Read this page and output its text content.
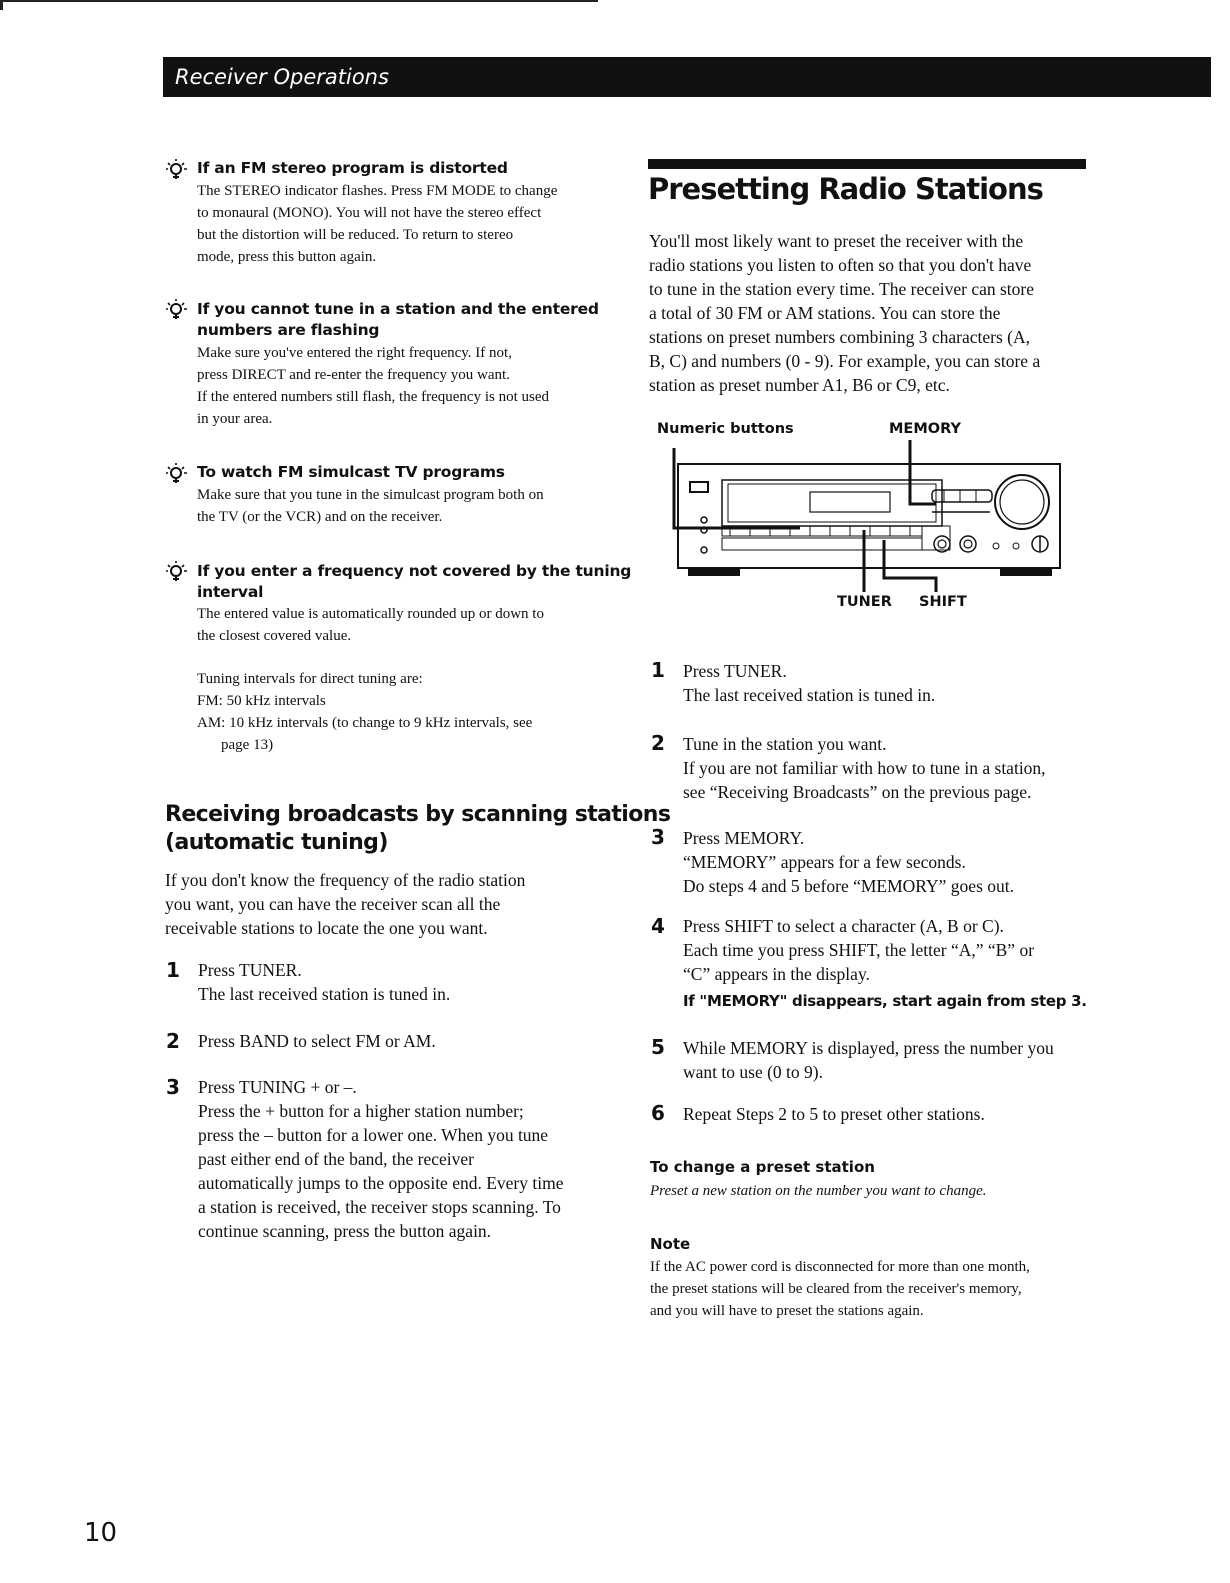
Receiver Operations
If an FM stereo program is distorted
The STEREO indicator flashes. Press FM MODE to change
to monaural (MONO). You will not have the stereo effect
but the distortion will be reduced. To return to stereo
mode, press this button again.
If you cannot tune in a station and the entered
numbers are flashing
Make sure you've entered the right frequency. If not,
press DIRECT and re-enter the frequency you want.
If the entered numbers still flash, the frequency is not used
in your area.
To watch FM simulcast TV programs
Make sure that you tune in the simulcast program both on
the TV (or the VCR) and on the receiver.
If you enter a frequency not covered by the tuning
interval
The entered value is automatically rounded up or down to
the closest covered value.
Tuning intervals for direct tuning are:
FM: 50 kHz intervals
AM: 10 kHz intervals (to change to 9 kHz intervals, see
page 13)
Receiving broadcasts by scanning stations
(automatic tuning)
If you don't know the frequency of the radio station
you want, you can have the receiver scan all the
receivable stations to locate the one you want.
1	Press TUNER.
The last received station is tuned in.
2	Press BAND to select FM or AM.
3	Press TUNING + or –.
Press the + button for a higher station number;
press the – button for a lower one. When you tune
past either end of the band, the receiver
automatically jumps to the opposite end. Every time
a station is received, the receiver stops scanning. To
continue scanning, press the button again.
Presetting Radio Stations
You'll most likely want to preset the receiver with the
radio stations you listen to often so that you don't have
to tune in the station every time. The receiver can store
a total of 30 FM or AM stations. You can store the
stations on preset numbers combining 3 characters (A,
B, C) and numbers (0 - 9). For example, you can store a
station as preset number A1, B6 or C9, etc.
Numeric buttons	MEMORY
TUNER SHIFT
1	Press TUNER.
The last received station is tuned in.
2	Tune in the station you want.
If you are not familiar with how to tune in a station,
see “Receiving Broadcasts” on the previous page.
3	Press MEMORY.
“MEMORY” appears for a few seconds.
Do steps 4 and 5 before “MEMORY” goes out.
4	Press SHIFT to select a character (A, B or C).
Each time you press SHIFT, the letter “A,” “B” or
“C” appears in the display.
If "MEMORY" disappears, start again from step 3.
5	While MEMORY is displayed, press the number you
want to use (0 to 9).
6	Repeat Steps 2 to 5 to preset other stations.
To change a preset station
Preset a new station on the number you want to change.
Note
If the AC power cord is disconnected for more than one month,
the preset stations will be cleared from the receiver's memory,
and you will have to preset the stations again.
10
